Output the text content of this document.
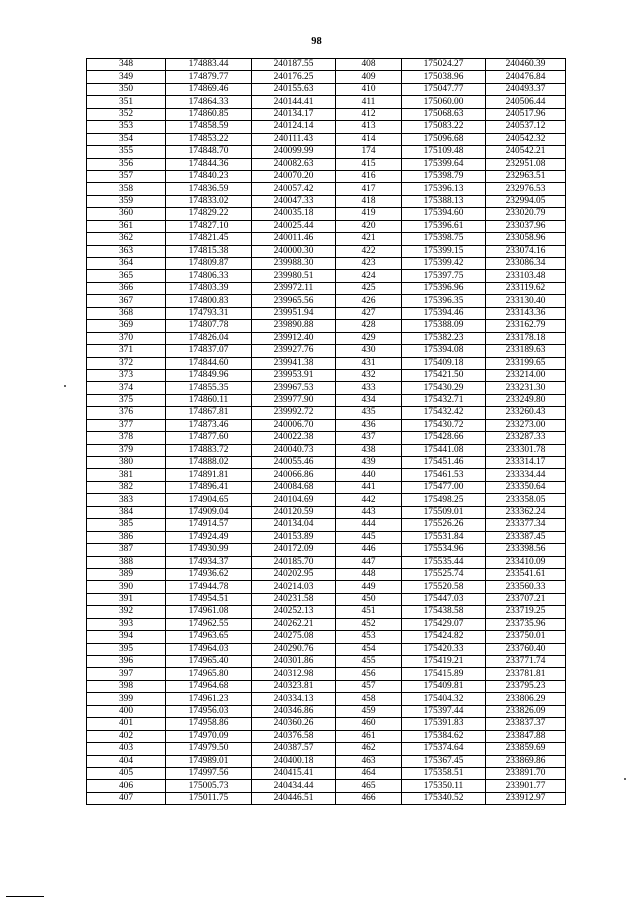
98
348	174883.44	240187.55	408	175024.27	240460.39
349	174879.77	240176.25	409	175038.96	240476.84
350	174869.46	240155.63	410	175047.77	240493.37
351	174864.33	240144.41	411	175060.00	240506.44
352	174860.85	240134.17	412	175068.63	240517.96
353	174858.59	240124.14	413	175083.22	240537.12
354	174853.22	240111.43	414	175096.68	240542.32
355	174848.70	240099.99	174	175109.48	240542.21
356	174844.36	240082.63	415	175399.64	232951.08
357	174840.23	240070.20	416	175398.79	232963.51
358	174836.59	240057.42	417	175396.13	232976.53
359	174833.02	240047.33	418	175388.13	232994.05
360	174829.22	240035.18	419	175394.60	233020.79
361	174827.10	240025.44	420	175396.61	233037.96
362	174821.45	240011.46	421	175398.75	233058.96
363	174815.38	240000.30	422	175399.15	233074.16
364	174809.87	239988.30	423	175399.42	233086.34
365	174806.33	239980.51	424	175397.75	233103.48
366	174803.39	239972.11	425	175396.96	233119.62
367	174800.83	239965.56	426	175396.35	233130.40
368	174793.31	239951.94	427	175394.46	233143.36
369	174807.78	239890.88	428	175388.09	233162.79
370	174826.04	239912.40	429	175382.23	233178.18
371	174837.07	239927.76	430	175394.08	233189.63
372	174844.60	239941.38	431	175409.18	233199.65
373	174849.96	239953.91	432	175421.50	233214.00
374	174855.35	239967.53	433	175430.29	233231.30
375	174860.11	239977.90	434	175432.71	233249.80
376	174867.81	239992.72	435	175432.42	233260.43
377	174873.46	240006.70	436	175430.72	233273.00
378	174877.60	240022.38	437	175428.66	233287.33
379	174883.72	240040.73	438	175441.08	233301.78
380	174888.02	240055.46	439	175451.46	233314.17
381	174891.81	240066.86	440	175461.53	233334.44
382	174896.41	240084.68	441	175477.00	233350.64
383	174904.65	240104.69	442	175498.25	233358.05
384	174909.04	240120.59	443	175509.01	233362.24
385	174914.57	240134.04	444	175526.26	233377.34
386	174924.49	240153.89	445	175531.84	233387.45
387	174930.99	240172.09	446	175534.96	233398.56
388	174934.37	240185.70	447	175535.44	233410.09
389	174936.62	240202.95	448	175525.74	233541.61
390	174944.78	240214.03	449	175520.58	233560.33
391	174954.51	240231.58	450	175447.03	233707.21
392	174961.08	240252.13	451	175438.58	233719.25
393	174962.55	240262.21	452	175429.07	233735.96
394	174963.65	240275.08	453	175424.82	233750.01
395	174964.03	240290.76	454	175420.33	233760.40
396	174965.40	240301.86	455	175419.21	233771.74
397	174965.80	240312.98	456	175415.89	233781.81
398	174964.68	240323.81	457	175409.81	233795.23
399	174961.23	240334.13	458	175404.32	233806.29
400	174956.03	240346.86	459	175397.44	233826.09
401	174958.86	240360.26	460	175391.83	233837.37
402	174970.09	240376.58	461	175384.62	233847.88
403	174979.50	240387.57	462	175374.64	233859.69
404	174989.01	240400.18	463	175367.45	233869.86
405	174997.56	240415.41	464	175358.51	233891.70
406	175005.73	240434.44	465	175350.11	233901.77
407	175011.75	240446.51	466	175340.52	233912.97
